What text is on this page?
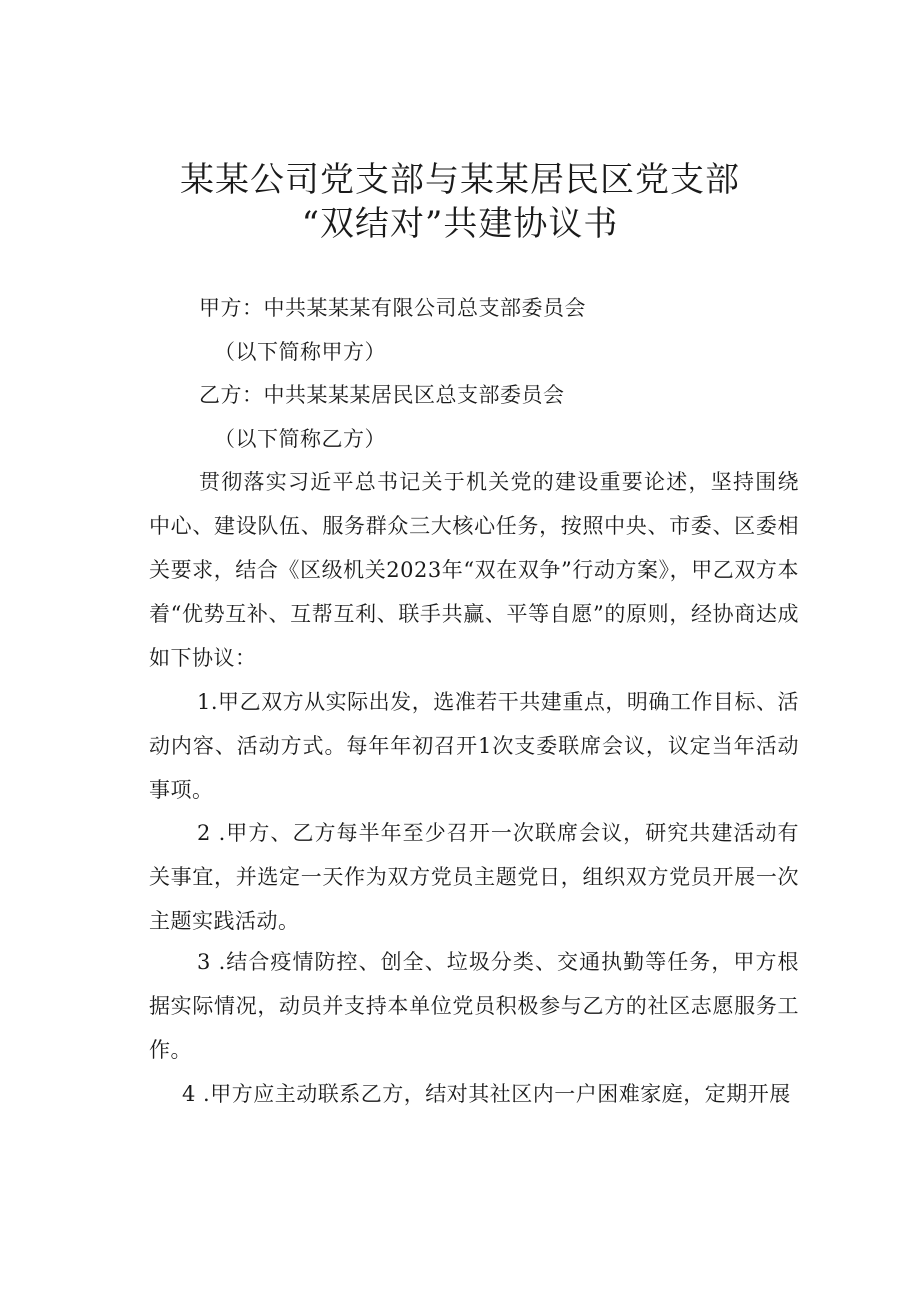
某某公司党支部与某某居民区党支部
“双结对”共建协议书

甲方：中共某某某有限公司总支部委员会

（以下简称甲方）

乙方：中共某某某居民区总支部委员会

（以下简称乙方）

贯彻落实习近平总书记关于机关党的建设重要论述，坚持围绕中心、建设队伍、服务群众三大核心任务，按照中央、市委、区委相关要求，结合《区级机关2023年“双在双争”行动方案》，甲乙双方本着“优势互补、互帮互利、联手共赢、平等自愿”的原则，经协商达成如下协议：

1.甲乙双方从实际出发，选准若干共建重点，明确工作目标、活动内容、活动方式。每年年初召开1次支委联席会议，议定当年活动事项。

2 .甲方、乙方每半年至少召开一次联席会议，研究共建活动有关事宜，并选定一天作为双方党员主题党日，组织双方党员开展一次主题实践活动。

3 .结合疫情防控、创全、垃圾分类、交通执勤等任务，甲方根据实际情况，动员并支持本单位党员积极参与乙方的社区志愿服务工作。

4 .甲方应主动联系乙方，结对其社区内一户困难家庭，定期开展
